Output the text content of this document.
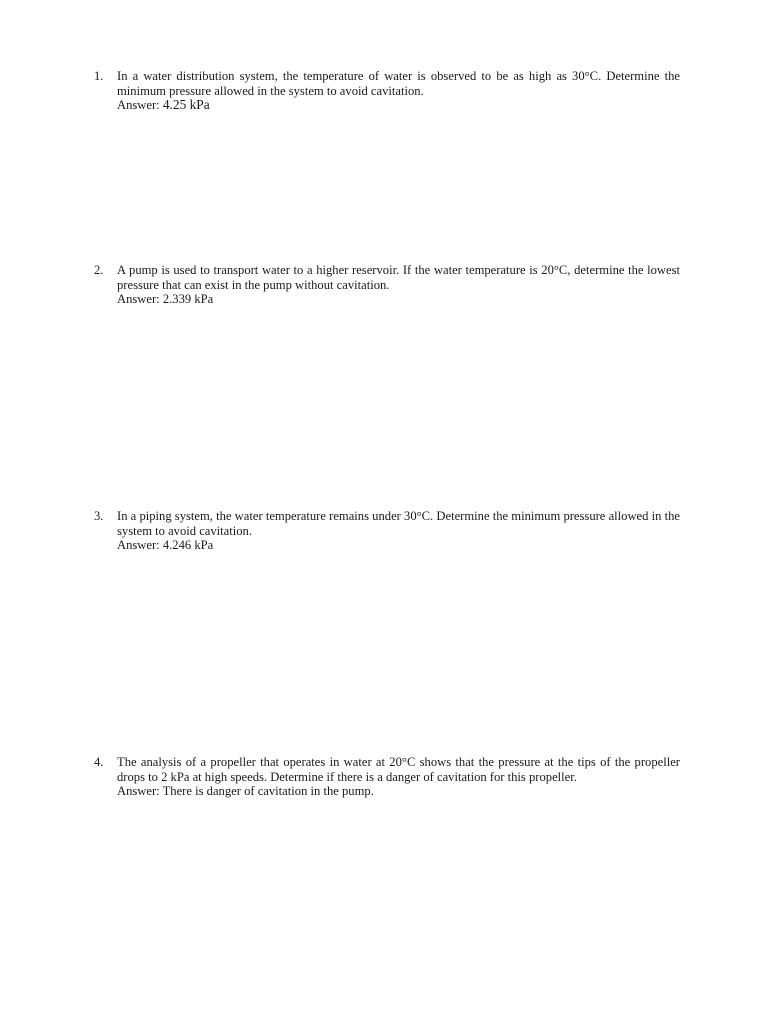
1.	In a water distribution system, the temperature of water is observed to be as high as 30°C. Determine the minimum pressure allowed in the system to avoid cavitation.
Answer: 4.25 kPa
2.	A pump is used to transport water to a higher reservoir. If the water temperature is 20°C, determine the lowest pressure that can exist in the pump without cavitation.
Answer: 2.339 kPa
3.	In a piping system, the water temperature remains under 30°C. Determine the minimum pressure allowed in the system to avoid cavitation.
Answer: 4.246 kPa
4.	The analysis of a propeller that operates in water at 20°C shows that the pressure at the tips of the propeller drops to 2 kPa at high speeds. Determine if there is a danger of cavitation for this propeller.
Answer: There is danger of cavitation in the pump.
